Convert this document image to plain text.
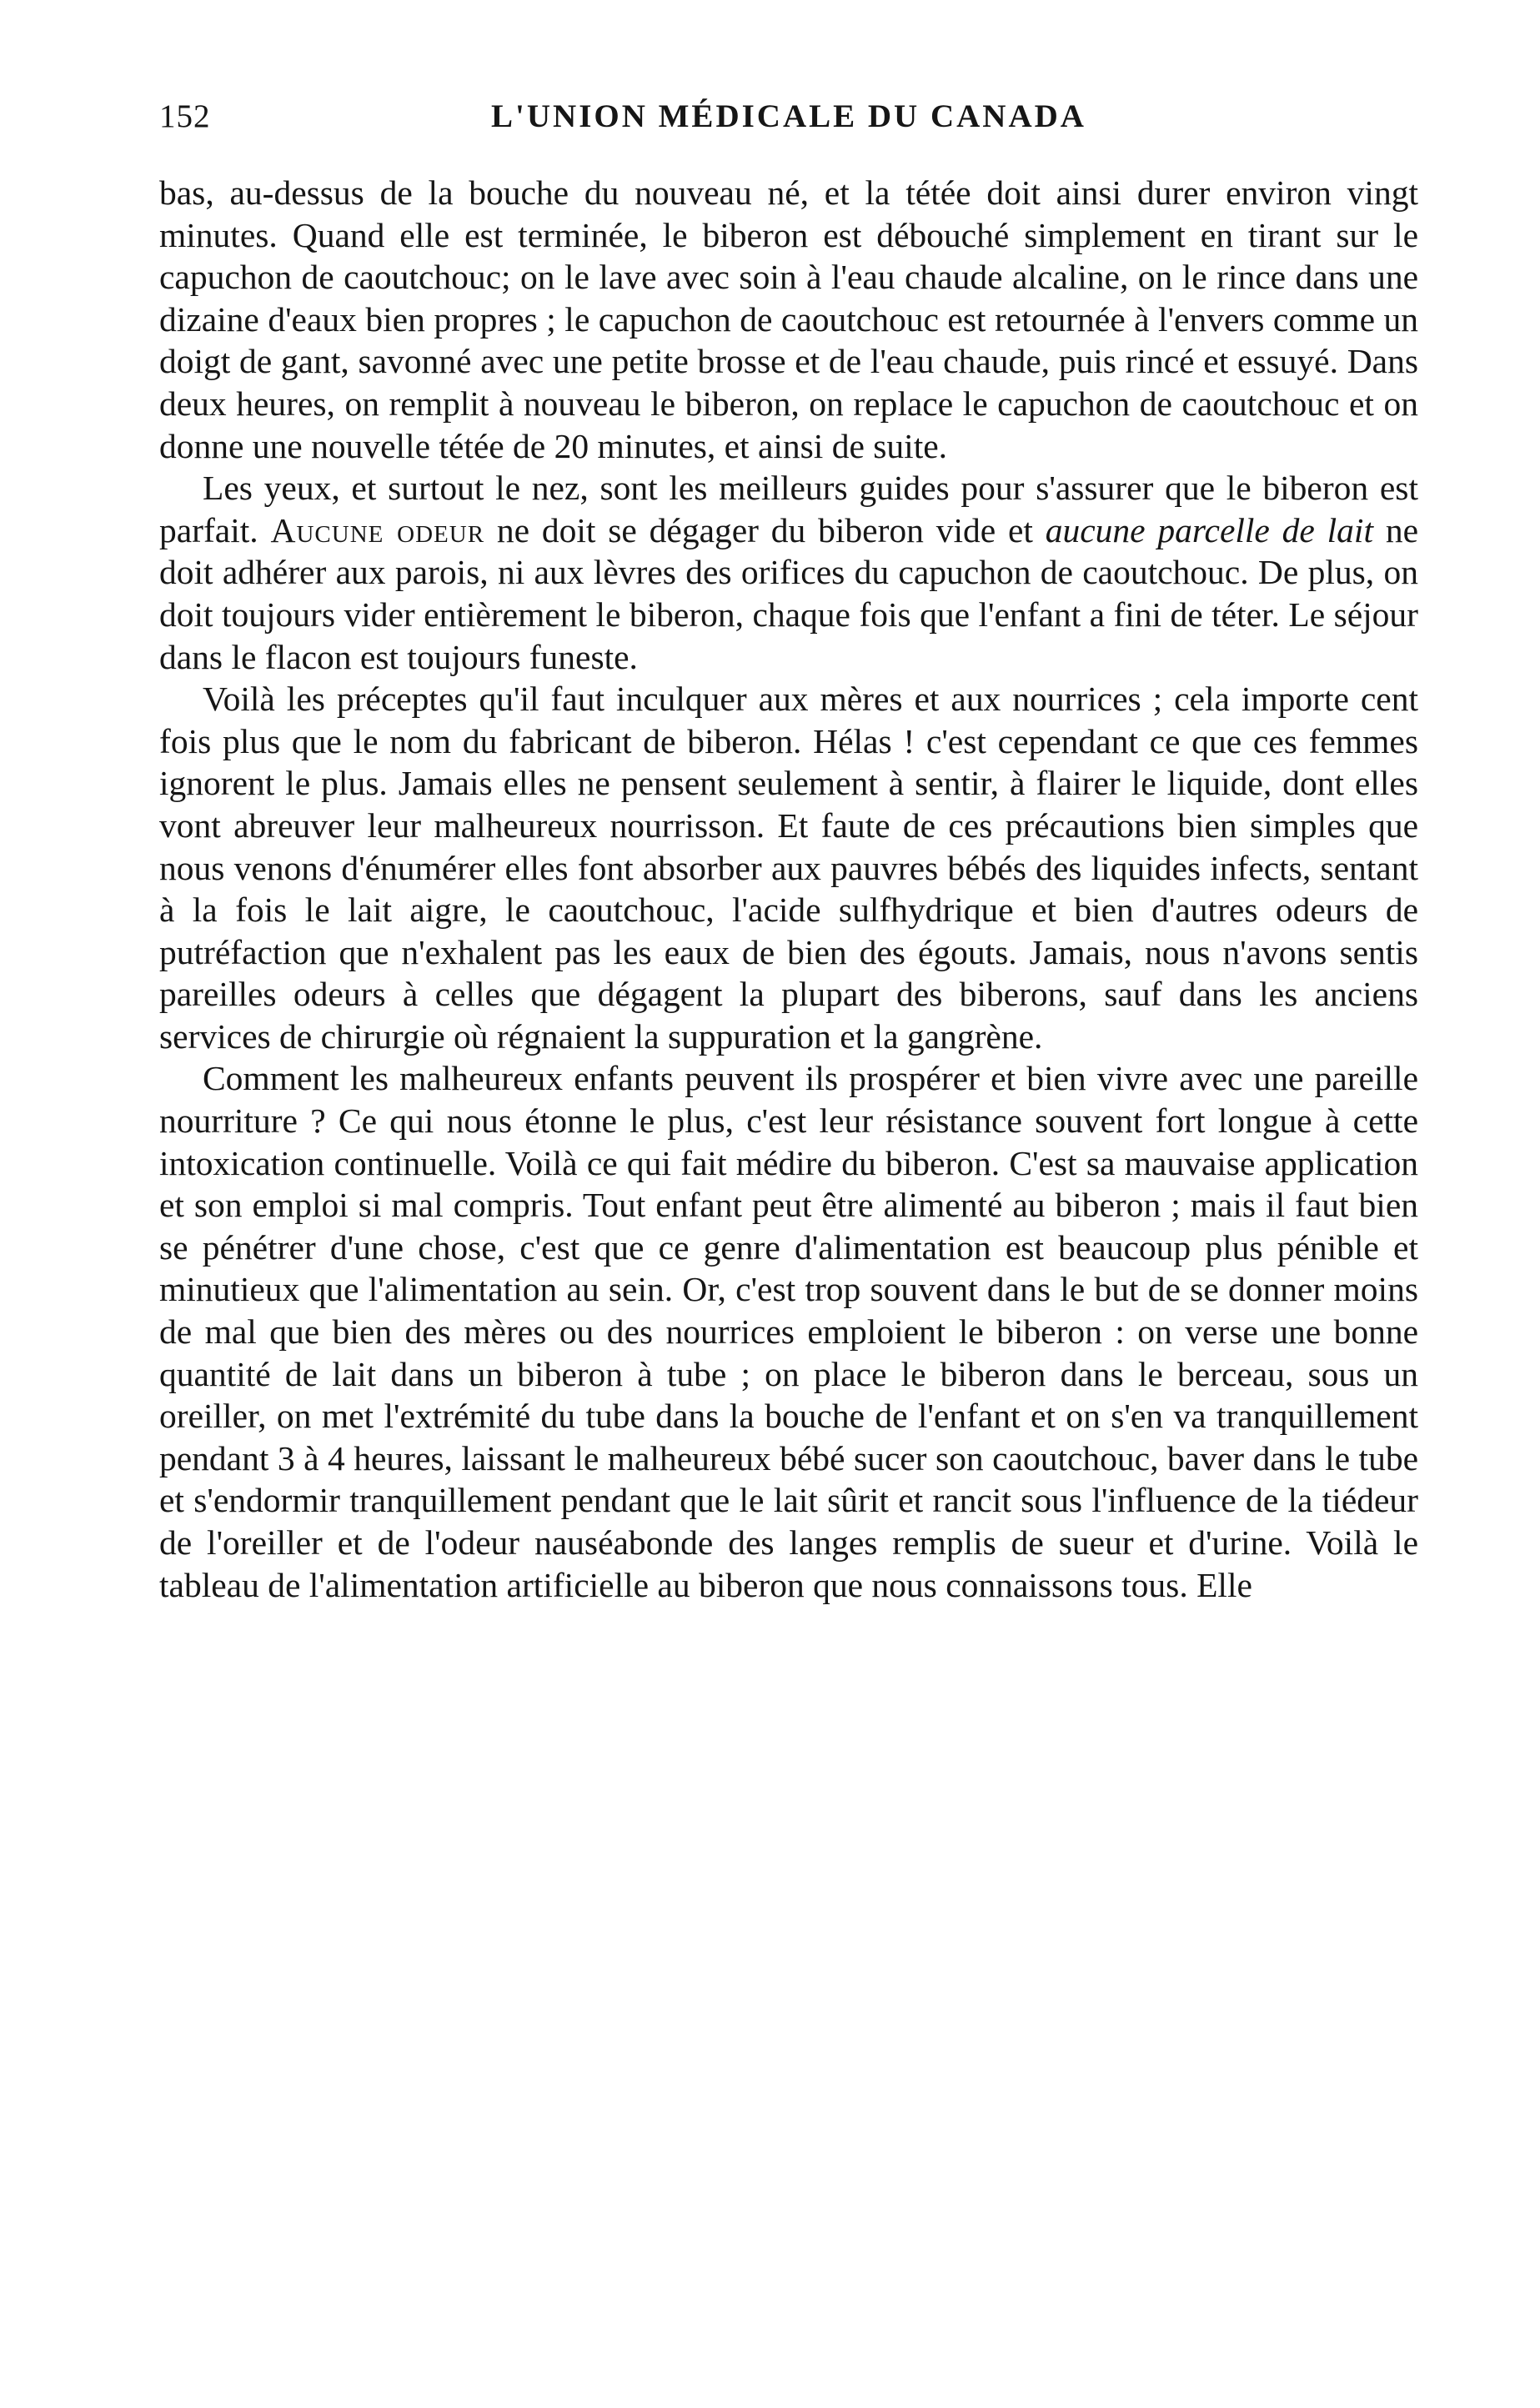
152	L'UNION MÉDICALE DU CANADA

bas, au-dessus de la bouche du nouveau né, et la tétée doit ainsi durer environ vingt minutes. Quand elle est terminée, le biberon est débouché simplement en tirant sur le capuchon de caoutchouc; on le lave avec soin à l'eau chaude alcaline, on le rince dans une dizaine d'eaux bien propres ; le capuchon de caoutchouc est retournée à l'envers comme un doigt de gant, savonné avec une petite brosse et de l'eau chaude, puis rincé et essuyé. Dans deux heures, on remplit à nouveau le biberon, on replace le capuchon de caoutchouc et on donne une nouvelle tétée de 20 minutes, et ainsi de suite.

Les yeux, et surtout le nez, sont les meilleurs guides pour s'assurer que le biberon est parfait. Aucune odeur ne doit se dégager du biberon vide et aucune parcelle de lait ne doit adhérer aux parois, ni aux lèvres des orifices du capuchon de caoutchouc. De plus, on doit toujours vider entièrement le biberon, chaque fois que l'enfant a fini de téter. Le séjour dans le flacon est toujours funeste.

Voilà les préceptes qu'il faut inculquer aux mères et aux nourrices ; cela importe cent fois plus que le nom du fabricant de biberon. Hélas ! c'est cependant ce que ces femmes ignorent le plus. Jamais elles ne pensent seulement à sentir, à flairer le liquide, dont elles vont abreuver leur malheureux nourrisson. Et faute de ces précautions bien simples que nous venons d'énumérer elles font absorber aux pauvres bébés des liquides infects, sentant à la fois le lait aigre, le caoutchouc, l'acide sulfhydrique et bien d'autres odeurs de putréfaction que n'exhalent pas les eaux de bien des égouts. Jamais, nous n'avons sentis pareilles odeurs à celles que dégagent la plupart des biberons, sauf dans les anciens services de chirurgie où régnaient la suppuration et la gangrène.

Comment les malheureux enfants peuvent ils prospérer et bien vivre avec une pareille nourriture ? Ce qui nous étonne le plus, c'est leur résistance souvent fort longue à cette intoxication continuelle. Voilà ce qui fait médire du biberon. C'est sa mauvaise application et son emploi si mal compris. Tout enfant peut être alimenté au biberon ; mais il faut bien se pénétrer d'une chose, c'est que ce genre d'alimentation est beaucoup plus pénible et minutieux que l'alimentation au sein. Or, c'est trop souvent dans le but de se donner moins de mal que bien des mères ou des nourrices emploient le biberon : on verse une bonne quantité de lait dans un biberon à tube ; on place le biberon dans le berceau, sous un oreiller, on met l'extrémité du tube dans la bouche de l'enfant et on s'en va tranquillement pendant 3 à 4 heures, laissant le malheureux bébé sucer son caoutchouc, baver dans le tube et s'endormir tranquillement pendant que le lait sûrit et rancit sous l'influence de la tiédeur de l'oreiller et de l'odeur nauséabonde des langes remplis de sueur et d'urine. Voilà le tableau de l'alimentation artificielle au biberon que nous connaissons tous. Elle
